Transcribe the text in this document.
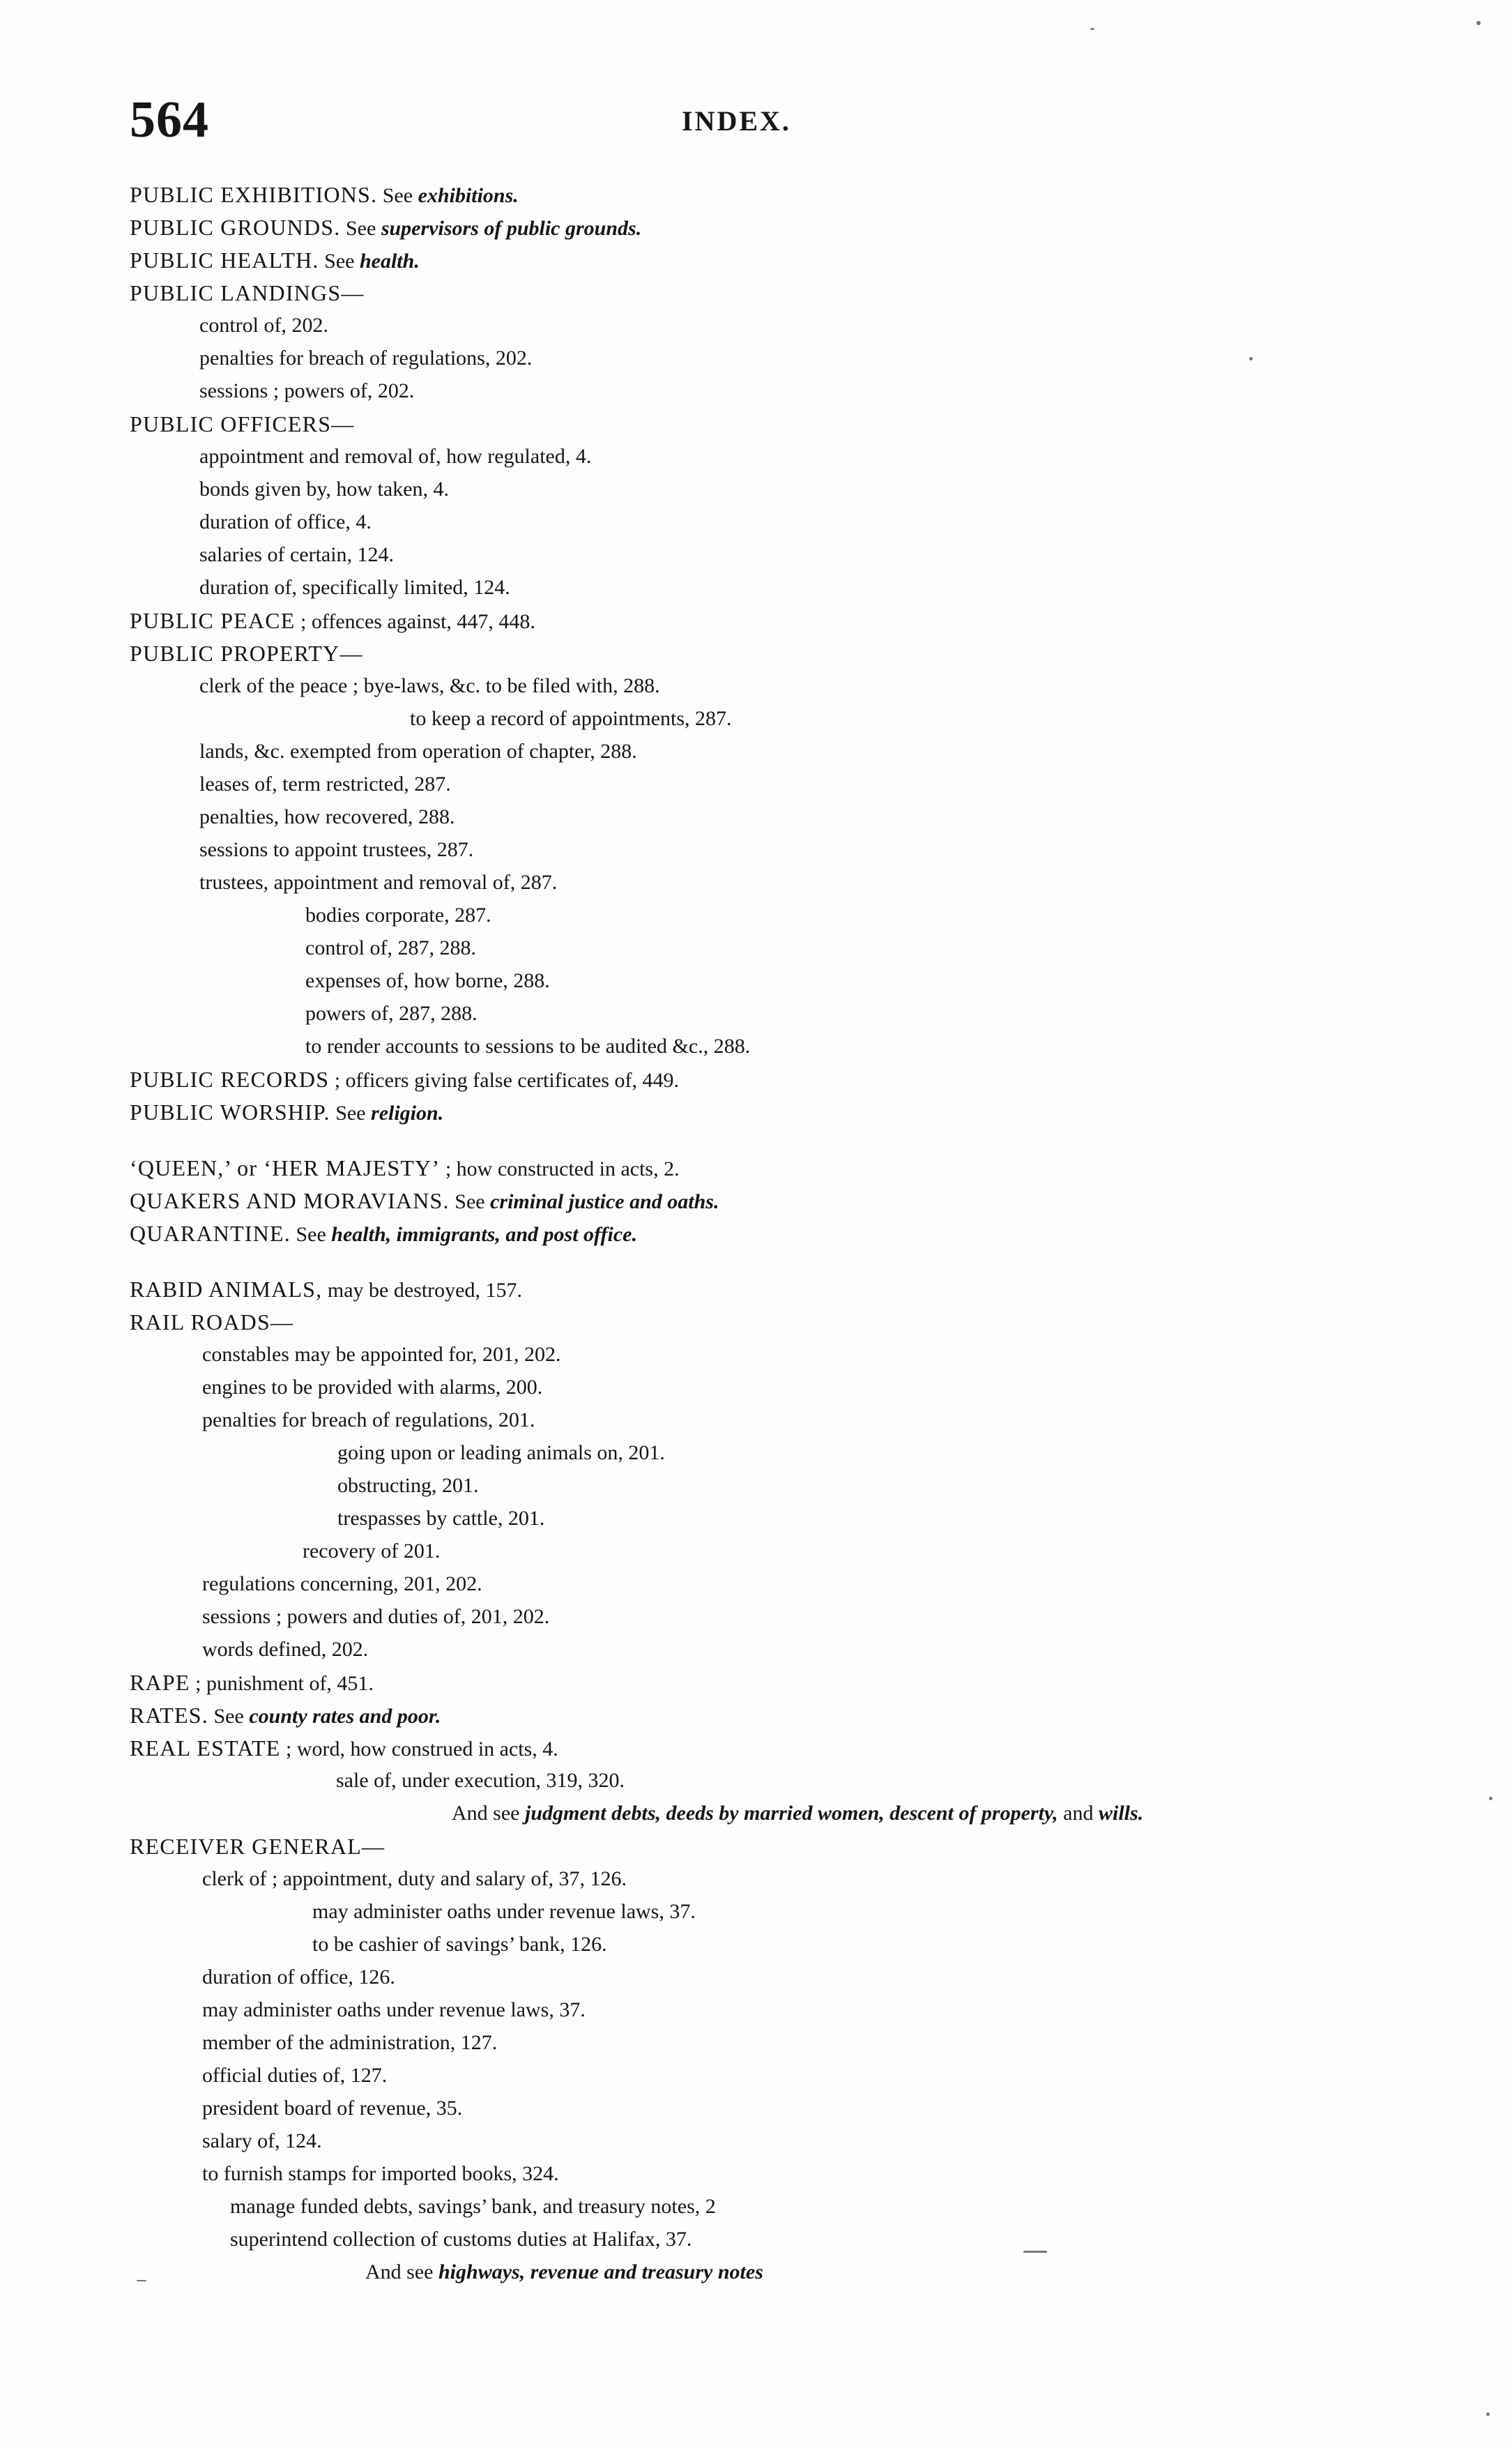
564	INDEX.
PUBLIC EXHIBITIONS. See exhibitions.
PUBLIC GROUNDS. See supervisors of public grounds.
PUBLIC HEALTH. See health.
PUBLIC LANDINGS—
control of, 202.
penalties for breach of regulations, 202.
sessions ; powers of, 202.
PUBLIC OFFICERS—
appointment and removal of, how regulated, 4.
bonds given by, how taken, 4.
duration of office, 4.
salaries of certain, 124.
duration of, specifically limited, 124.
PUBLIC PEACE ; offences against, 447, 448.
PUBLIC PROPERTY—
clerk of the peace ; bye-laws, &c. to be filed with, 288.
to keep a record of appointments, 287.
lands, &c. exempted from operation of chapter, 288.
leases of, term restricted, 287.
penalties, how recovered, 288.
sessions to appoint trustees, 287.
trustees, appointment and removal of, 287.
bodies corporate, 287.
control of, 287, 288.
expenses of, how borne, 288.
powers of, 287, 288.
to render accounts to sessions to be audited &c., 288.
PUBLIC RECORDS ; officers giving false certificates of, 449.
PUBLIC WORSHIP. See religion.
‘QUEEN,’ or ‘HER MAJESTY’ ; how constructed in acts, 2.
QUAKERS AND MORAVIANS. See criminal justice and oaths.
QUARANTINE. See health, immigrants, and post office.
RABID ANIMALS, may be destroyed, 157.
RAIL ROADS—
constables may be appointed for, 201, 202.
engines to be provided with alarms, 200.
penalties for breach of regulations, 201.
going upon or leading animals on, 201.
obstructing, 201.
trespasses by cattle, 201.
recovery of 201.
regulations concerning, 201, 202.
sessions ; powers and duties of, 201, 202.
words defined, 202.
RAPE ; punishment of, 451.
RATES. See county rates and poor.
REAL ESTATE ; word, how construed in acts, 4.
sale of, under execution, 319, 320.
And see judgment debts, deeds by married women, descent of property, and wills.
RECEIVER GENERAL—
clerk of ; appointment, duty and salary of, 37, 126.
may administer oaths under revenue laws, 37.
to be cashier of savings’ bank, 126.
duration of office, 126.
may administer oaths under revenue laws, 37.
member of the administration, 127.
official duties of, 127.
president board of revenue, 35.
salary of, 124.
to furnish stamps for imported books, 324.
manage funded debts, savings’ bank, and treasury notes, 2
superintend collection of customs duties at Halifax, 37.
And see highways, revenue and treasury notes
